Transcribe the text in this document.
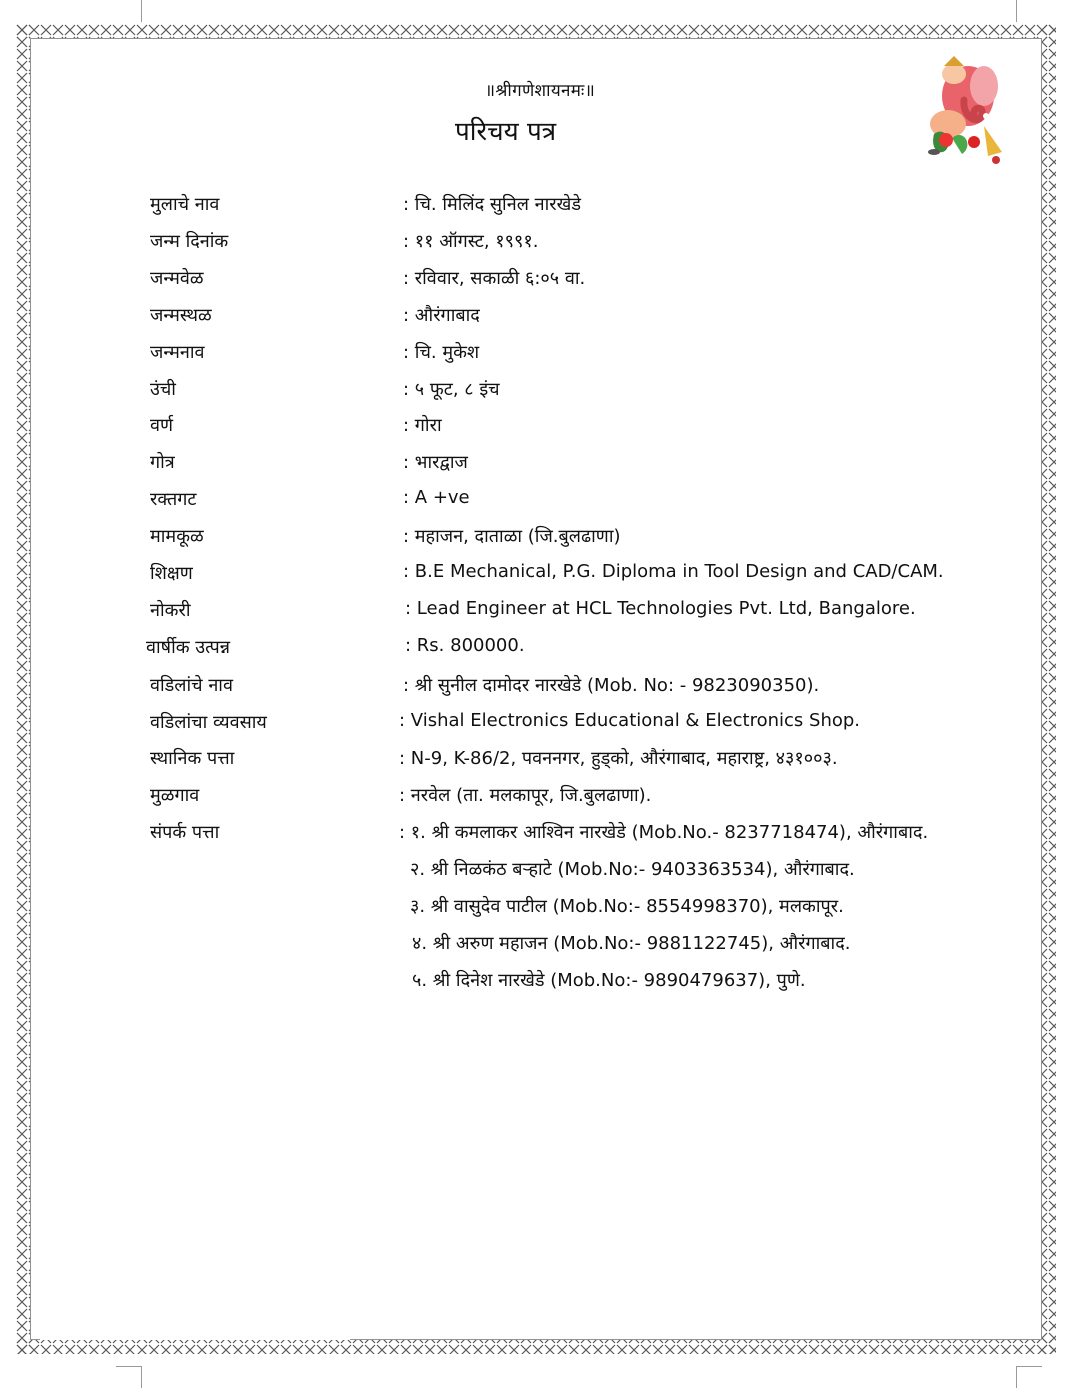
॥श्रीगणेशायनमः॥
परिचय पत्र
मुलाचे नाव	: चि. मिलिंद सुनिल नारखेडे
जन्म दिनांक	: ११ ऑगस्ट, १९९१.
जन्मवेळ	: रविवार, सकाळी ६:०५ वा.
जन्मस्थळ	: औरंगाबाद
जन्मनाव	: चि. मुकेश
उंची	: ५ फूट, ८ इंच
वर्ण	: गोरा
गोत्र	: भारद्वाज
रक्तगट	: A +ve
मामकूळ	: महाजन, दाताळा (जि.बुलढाणा)
शिक्षण	: B.E Mechanical, P.G. Diploma in Tool Design and CAD/CAM.
नोकरी	: Lead Engineer at HCL Technologies Pvt. Ltd, Bangalore.
वार्षीक उत्पन्न	: Rs. 800000.
वडिलांचे नाव	: श्री सुनील दामोदर नारखेडे (Mob. No: - 9823090350).
वडिलांचा व्यवसाय	: Vishal Electronics Educational & Electronics Shop.
स्थानिक पत्ता	: N-9, K-86/2, पवननगर, हुड्को, औरंगाबाद, महाराष्ट्र, ४३१००३.
मुळगाव	: नरवेल (ता. मलकापूर, जि.बुलढाणा).
संपर्क पत्ता	: १. श्री कमलाकर आश्विन नारखेडे (Mob.No.- 8237718474), औरंगाबाद.
२. श्री निळकंठ बऱ्हाटे (Mob.No:- 9403363534), औरंगाबाद.
३. श्री वासुदेव पाटील (Mob.No:- 8554998370), मलकापूर.
४. श्री अरुण महाजन (Mob.No:- 9881122745), औरंगाबाद.
५. श्री दिनेश नारखेडे (Mob.No:- 9890479637), पुणे.
